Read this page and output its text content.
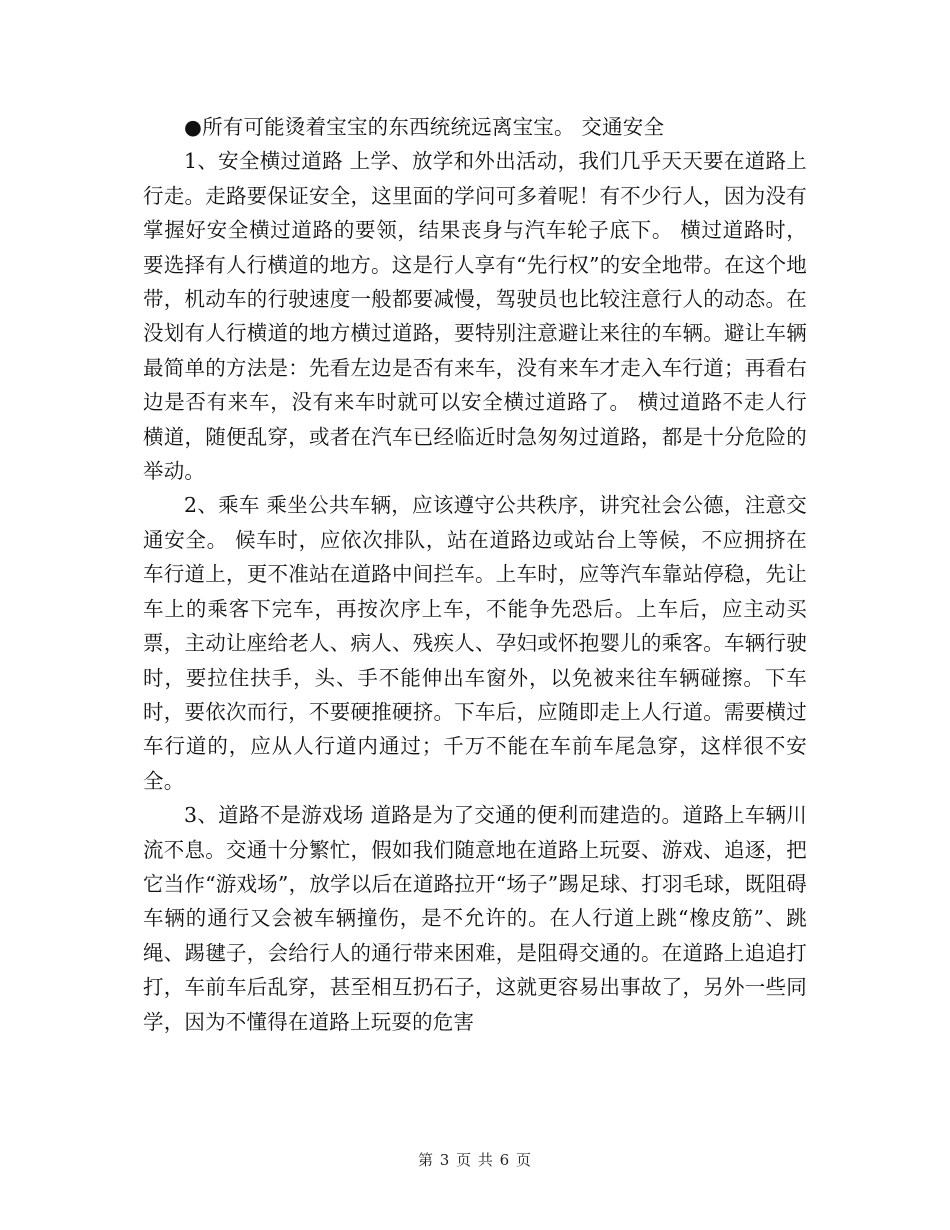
●所有可能烫着宝宝的东西统统远离宝宝。 交通安全

1、安全横过道路 上学、放学和外出活动，我们几乎天天要在道路上行走。走路要保证安全，这里面的学问可多着呢！有不少行人，因为没有掌握好安全横过道路的要领，结果丧身与汽车轮子底下。 横过道路时，要选择有人行横道的地方。这是行人享有“先行权”的安全地带。在这个地带，机动车的行驶速度一般都要减慢，驾驶员也比较注意行人的动态。在没划有人行横道的地方横过道路，要特别注意避让来往的车辆。避让车辆最简单的方法是：先看左边是否有来车，没有来车才走入车行道；再看右边是否有来车，没有来车时就可以安全横过道路了。 横过道路不走人行横道，随便乱穿，或者在汽车已经临近时急匆匆过道路，都是十分危险的举动。

2、乘车 乘坐公共车辆，应该遵守公共秩序，讲究社会公德，注意交通安全。 候车时，应依次排队，站在道路边或站台上等候，不应拥挤在车行道上，更不准站在道路中间拦车。上车时，应等汽车靠站停稳，先让车上的乘客下完车，再按次序上车，不能争先恐后。上车后，应主动买票，主动让座给老人、病人、残疾人、孕妇或怀抱婴儿的乘客。车辆行驶时，要拉住扶手，头、手不能伸出车窗外，以免被来往车辆碰擦。下车时，要依次而行，不要硬推硬挤。下车后，应随即走上人行道。需要横过车行道的，应从人行道内通过；千万不能在车前车尾急穿，这样很不安全。

3、道路不是游戏场 道路是为了交通的便利而建造的。道路上车辆川流不息。交通十分繁忙，假如我们随意地在道路上玩耍、游戏、追逐，把它当作“游戏场”，放学以后在道路拉开“场子”踢足球、打羽毛球，既阻碍车辆的通行又会被车辆撞伤，是不允许的。在人行道上跳“橡皮筋”、跳绳、踢毽子，会给行人的通行带来困难，是阻碍交通的。在道路上追追打打，车前车后乱穿，甚至相互扔石子，这就更容易出事故了，另外一些同学，因为不懂得在道路上玩耍的危害

第 3 页 共 6 页
